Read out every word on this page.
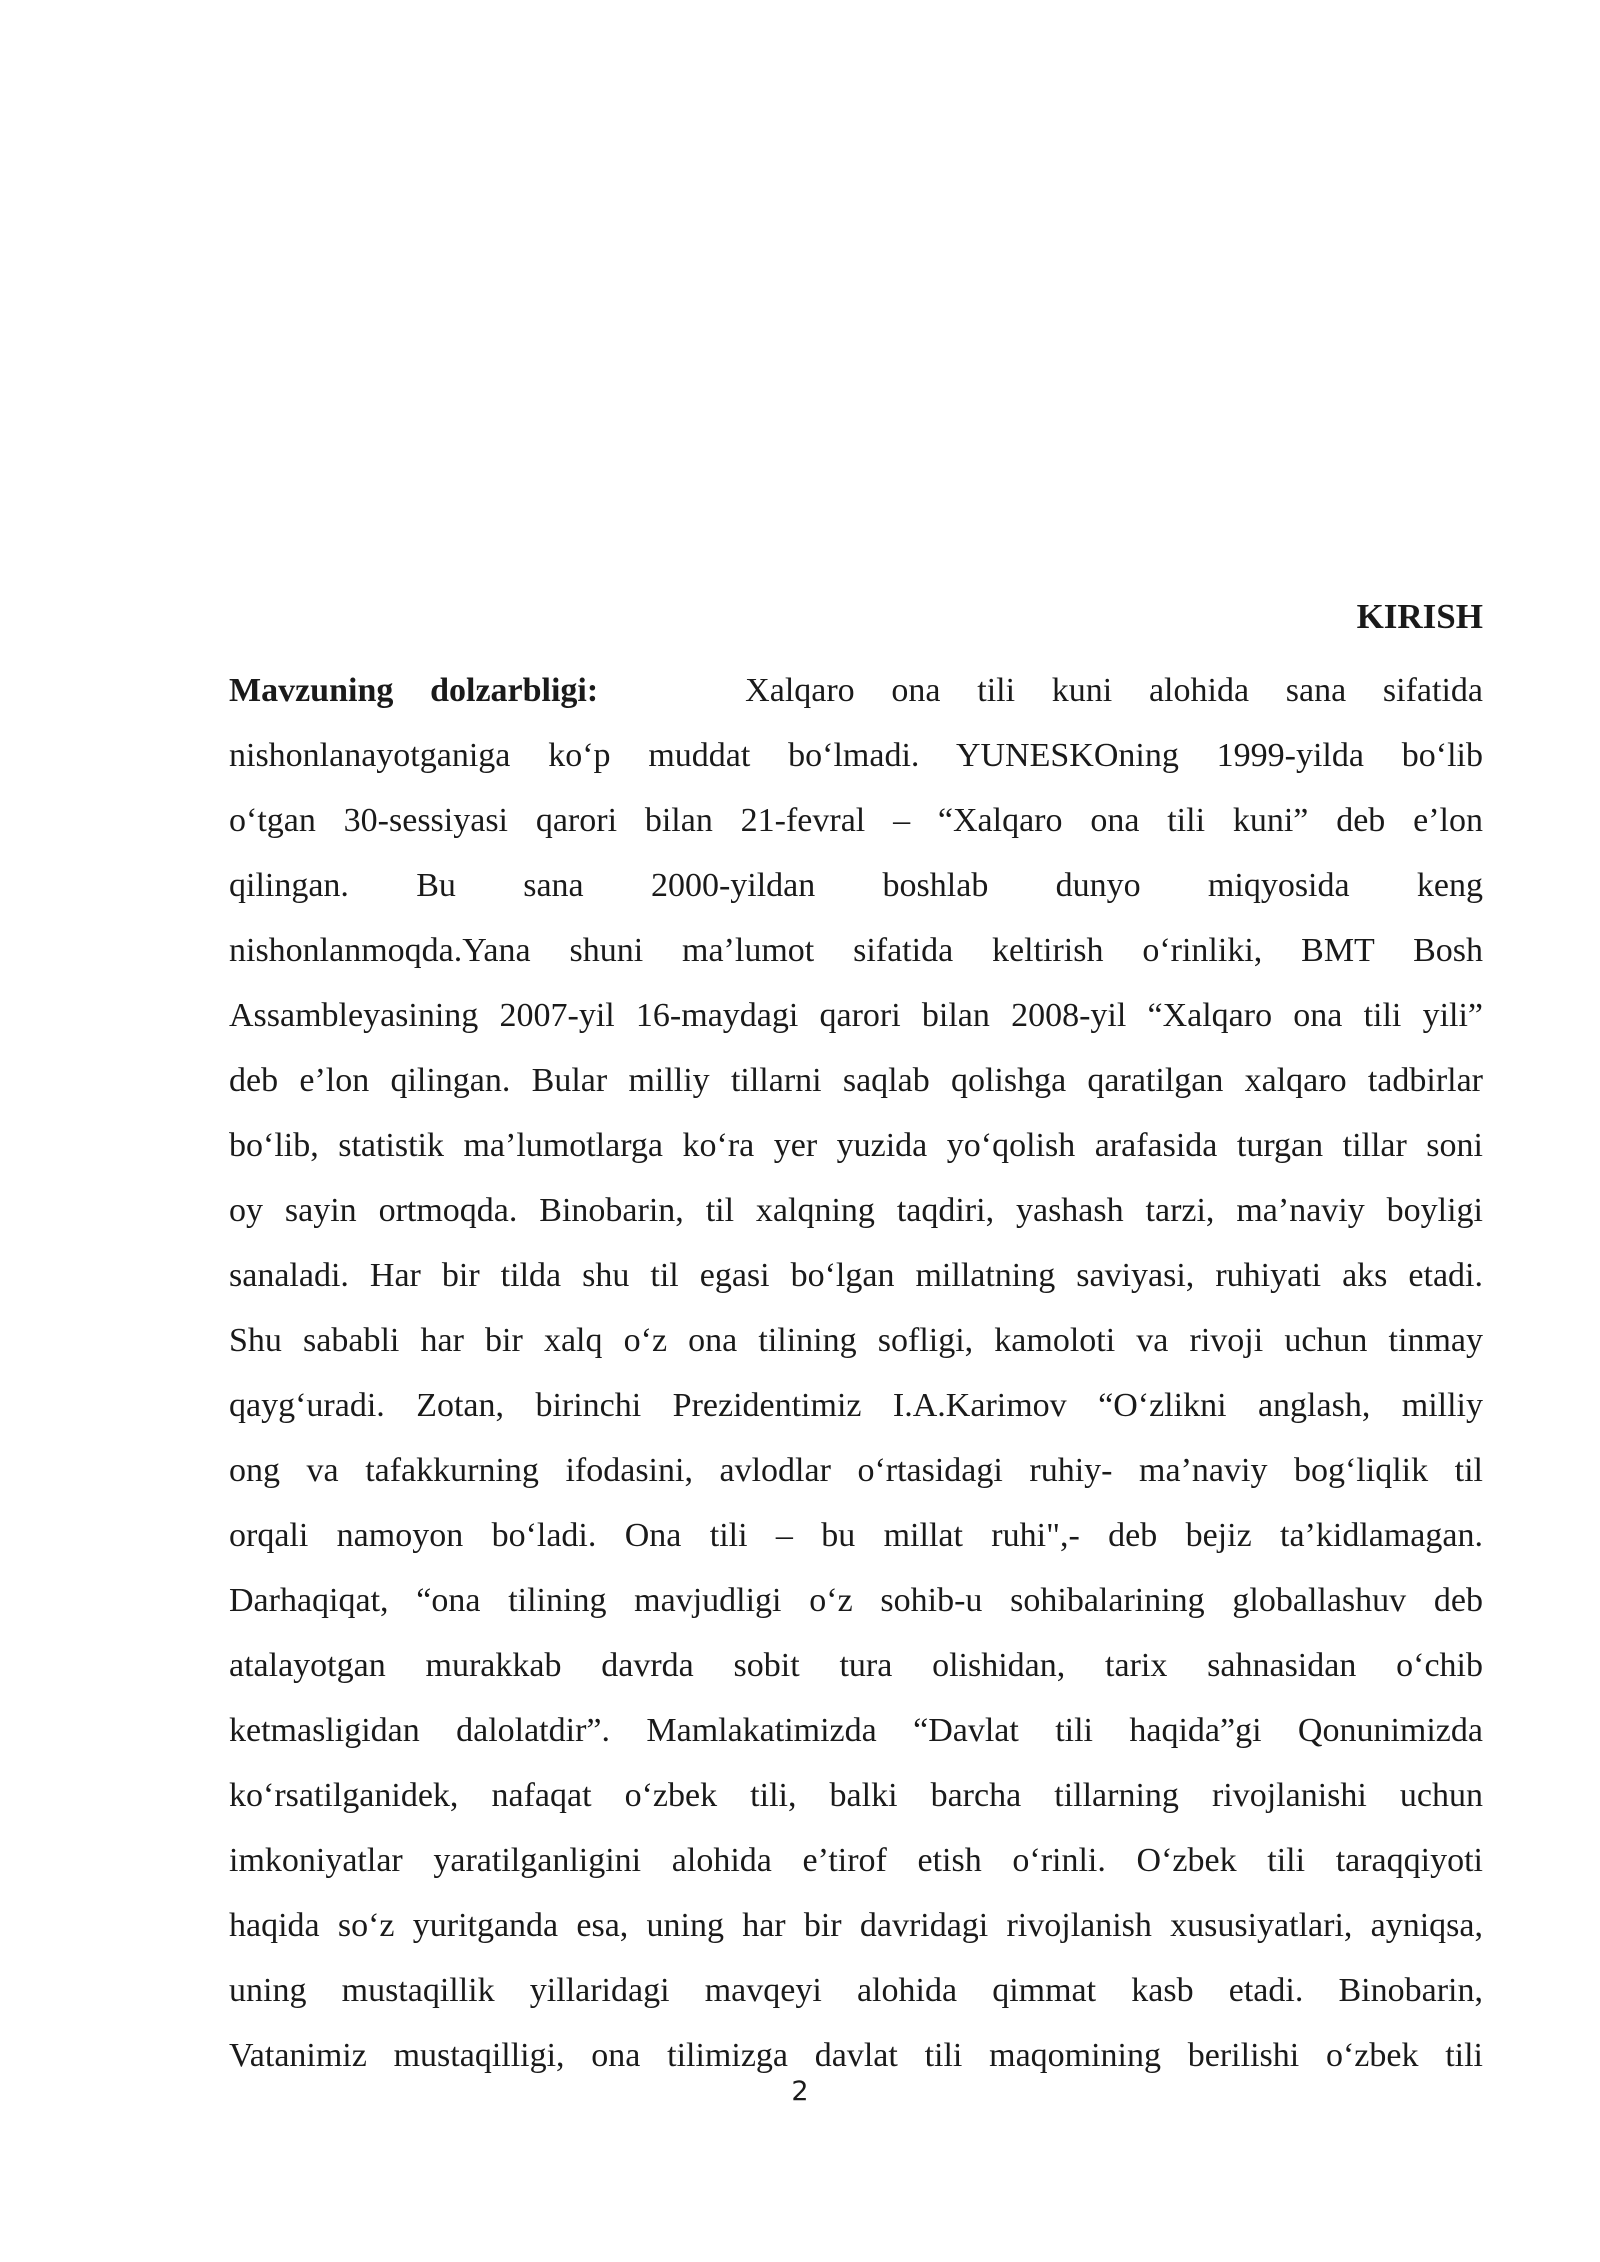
KIRISH
Mavzuning dolzarbligi:	Xalqaro ona tili kuni alohida sana sifatida
nishonlanayotganiga ko‘p muddat bo‘lmadi. YUNESKOning 1999-yilda bo‘lib
o‘tgan 30-sessiyasi qarori bilan 21-fevral – “Xalqaro ona tili kuni” deb e’lon
qilingan. Bu sana 2000-yildan boshlab dunyo miqyosida keng
nishonlanmoqda.Yana shuni ma’lumot sifatida keltirish o‘rinliki, BMT Bosh
Assambleyasining 2007-yil 16-maydagi qarori bilan 2008-yil “Xalqaro ona tili yili”
deb e’lon qilingan. Bular milliy tillarni saqlab qolishga qaratilgan xalqaro tadbirlar
bo‘lib, statistik ma’lumotlarga ko‘ra yer yuzida yo‘qolish arafasida turgan tillar soni
oy sayin ortmoqda. Binobarin, til xalqning taqdiri, yashash tarzi, ma’naviy boyligi
sanaladi. Har bir tilda shu til egasi bo‘lgan millatning saviyasi, ruhiyati aks etadi.
Shu sababli har bir xalq o‘z ona tilining sofligi, kamoloti va rivoji uchun tinmay
qayg‘uradi. Zotan, birinchi Prezidentimiz I.A.Karimov “O‘zlikni anglash, milliy
ong va tafakkurning ifodasini, avlodlar o‘rtasidagi ruhiy- ma’naviy bog‘liqlik til
orqali namoyon bo‘ladi. Ona tili – bu millat ruhi",- deb bejiz ta’kidlamagan.
Darhaqiqat, “ona tilining mavjudligi o‘z sohib-u sohibalarining globallashuv deb
atalayotgan murakkab davrda sobit tura olishidan, tarix sahnasidan o‘chib
ketmasligidan dalolatdir”. Mamlakatimizda “Davlat tili haqida”gi Qonunimizda
ko‘rsatilganidek, nafaqat o‘zbek tili, balki barcha tillarning rivojlanishi uchun
imkoniyatlar yaratilganligini alohida e’tirof etish o‘rinli. O‘zbek tili taraqqiyoti
haqida so‘z yuritganda esa, uning har bir davridagi rivojlanish xususiyatlari, ayniqsa,
uning mustaqillik yillaridagi mavqeyi alohida qimmat kasb etadi. Binobarin,
Vatanimiz mustaqilligi, ona tilimizga davlat tili maqomining berilishi o‘zbek tili
2
